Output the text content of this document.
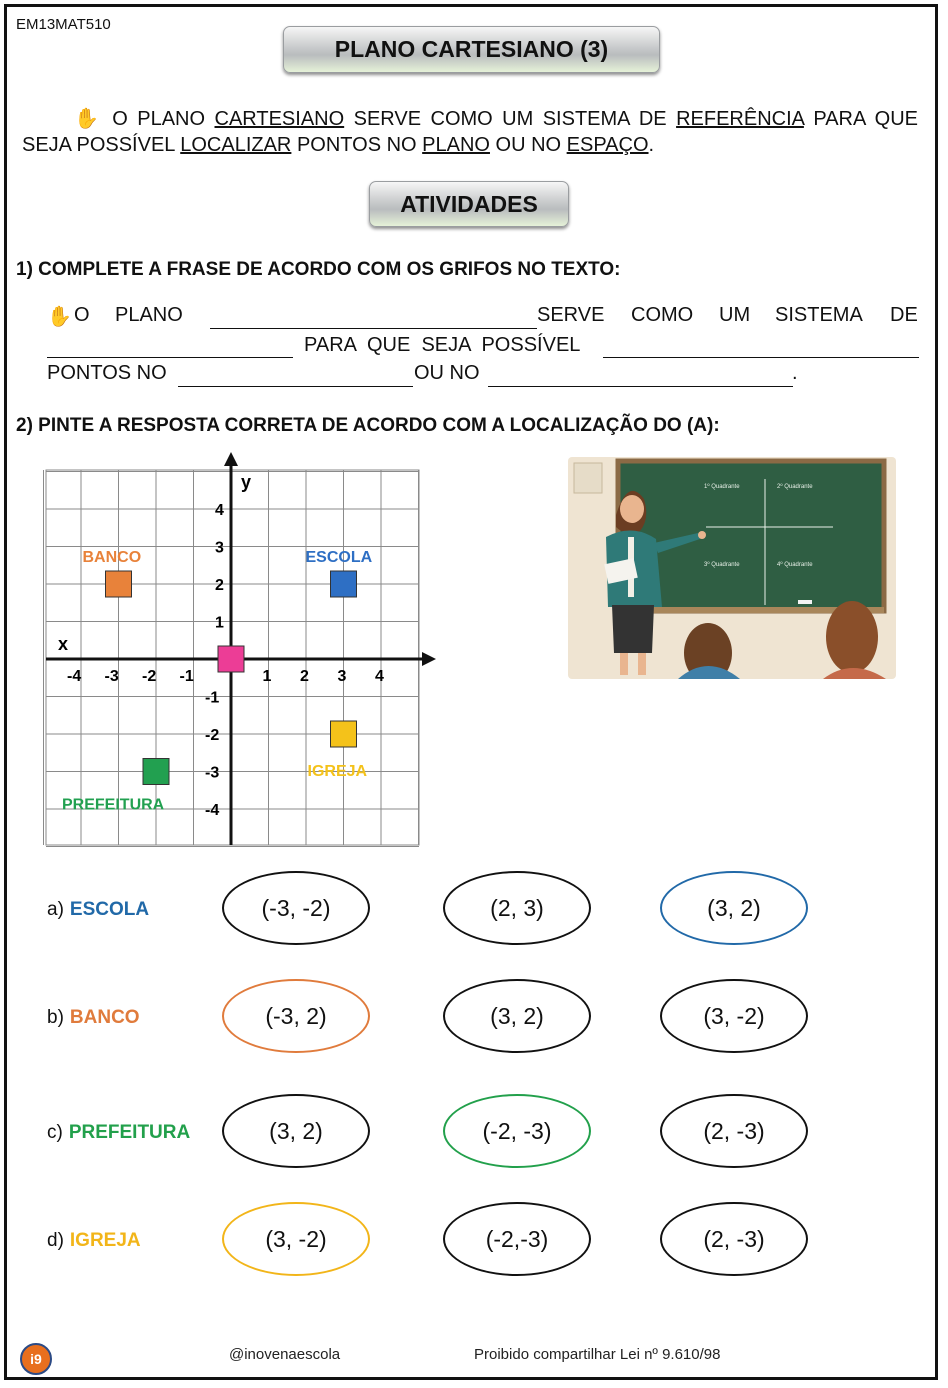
EM13MAT510
PLANO CARTESIANO (3)
✋ O PLANO CARTESIANO SERVE COMO UM SISTEMA DE REFERÊNCIA PARA QUE
SEJA POSSÍVEL LOCALIZAR PONTOS NO PLANO OU NO ESPAÇO.
ATIVIDADES
1) COMPLETE A FRASE DE ACORDO COM OS GRIFOS NO TEXTO:
✋ O PLANO	SERVE COMO UM SISTEMA DE
PARA  QUE  SEJA  POSSÍVEL
PONTOS NO	OU NO	.
2) PINTE A RESPOSTA CORRETA DE ACORDO COM A LOCALIZAÇÃO DO (A):
x
y
-4 -3 -2 -1	1 2 3 4
4
3
2
1
-1
-2
-3
-4
BANCO	ESCOLA
PREFEITURA
IGREJA
1º Quadrante	2º Quadrante
3º Quadrante	4º Quadrante
a) ESCOLA	(-3, -2)	(2, 3)	(3, 2)
b) BANCO	(-3, 2)	(3, 2)	(3, -2)
c) PREFEITURA	(3, 2)	(-2, -3)	(2, -3)
d) IGREJA	(3, -2)	(-2,-3)	(2, -3)
i9	@inovenaescola	Proibido compartilhar Lei nº 9.610/98
